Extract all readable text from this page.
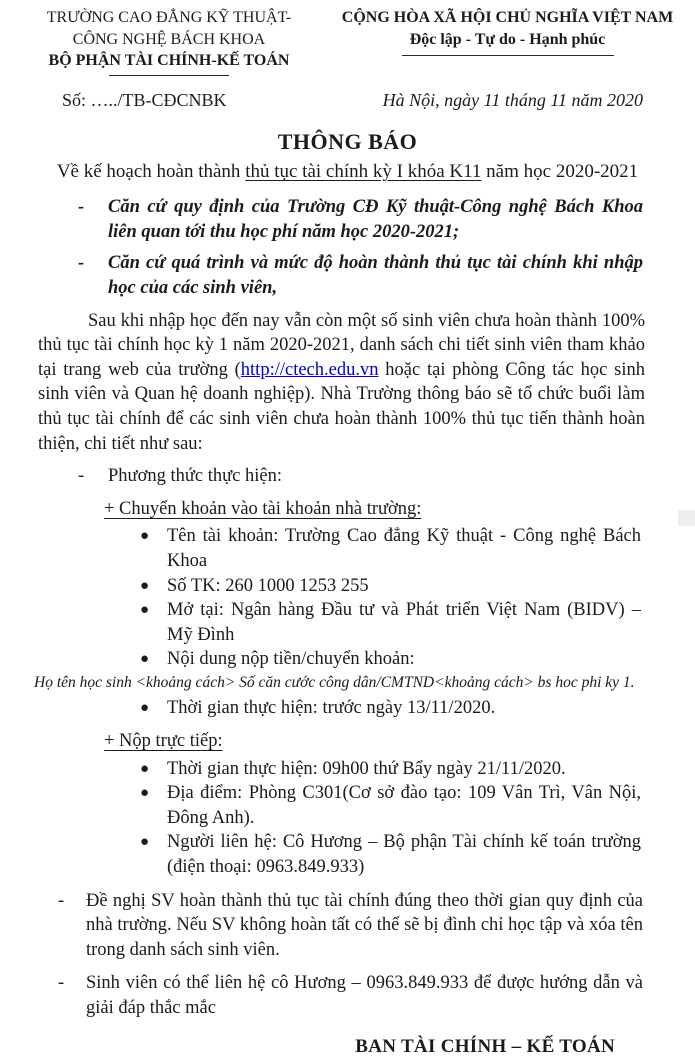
TRƯỜNG CAO ĐẲNG KỸ THUẬT-
CÔNG NGHỆ BÁCH KHOA
BỘ PHẬN TÀI CHÍNH-KẾ TOÁN
CỘNG HÒA XÃ HỘI CHỦ NGHĨA VIỆT NAM
Độc lập - Tự do - Hạnh phúc
Số: …../TB-CĐCNBK	Hà Nội, ngày 11 tháng 11 năm 2020
THÔNG BÁO
Về kế hoạch hoàn thành thủ tục tài chính kỳ I khóa K11 năm học 2020-2021
-	Căn cứ quy định của Trường CĐ Kỹ thuật-Công nghệ Bách Khoa liên quan tới thu học phí năm học 2020-2021;
-	Căn cứ quá trình và mức độ hoàn thành thủ tục tài chính khi nhập học của các sinh viên,
Sau khi nhập học đến nay vẫn còn một số sinh viên chưa hoàn thành 100% thủ tục tài chính học kỳ 1 năm 2020-2021, danh sách chi tiết sinh viên tham khảo tại trang web của trường (http://ctech.edu.vn hoặc tại phòng Công tác học sinh sinh viên và Quan hệ doanh nghiệp). Nhà Trường thông báo sẽ tổ chức buổi làm thủ tục tài chính để các sinh viên chưa hoàn thành 100% thủ tục tiến thành hoàn thiện, chi tiết như sau:
-	Phương thức thực hiện:
+ Chuyển khoản vào tài khoản nhà trường:
● Tên tài khoản: Trường Cao đẳng Kỹ thuật - Công nghệ Bách Khoa
● Số TK: 260 1000 1253 255
● Mở tại: Ngân hàng Đầu tư và Phát triển Việt Nam (BIDV) – Mỹ Đình
● Nội dung nộp tiền/chuyển khoản:
Họ tên học sinh <khoảng cách> Số căn cước công dân/CMTND<khoảng cách> bs hoc phi ky 1.
● Thời gian thực hiện: trước ngày 13/11/2020.
+ Nộp trực tiếp:
● Thời gian thực hiện: 09h00 thứ Bẩy ngày 21/11/2020.
● Địa điểm: Phòng C301(Cơ sở đào tạo: 109 Vân Trì, Vân Nội, Đông Anh).
● Người liên hệ: Cô Hương – Bộ phận Tài chính kế toán trường (điện thoại: 0963.849.933)
-	Đề nghị SV hoàn thành thủ tục tài chính đúng theo thời gian quy định của nhà trường. Nếu SV không hoàn tất có thể sẽ bị đình chỉ học tập và xóa tên trong danh sách sinh viên.
-	Sinh viên có thể liên hệ cô Hương – 0963.849.933 để được hướng dẫn và giải đáp thắc mắc
BAN TÀI CHÍNH – KẾ TOÁN
